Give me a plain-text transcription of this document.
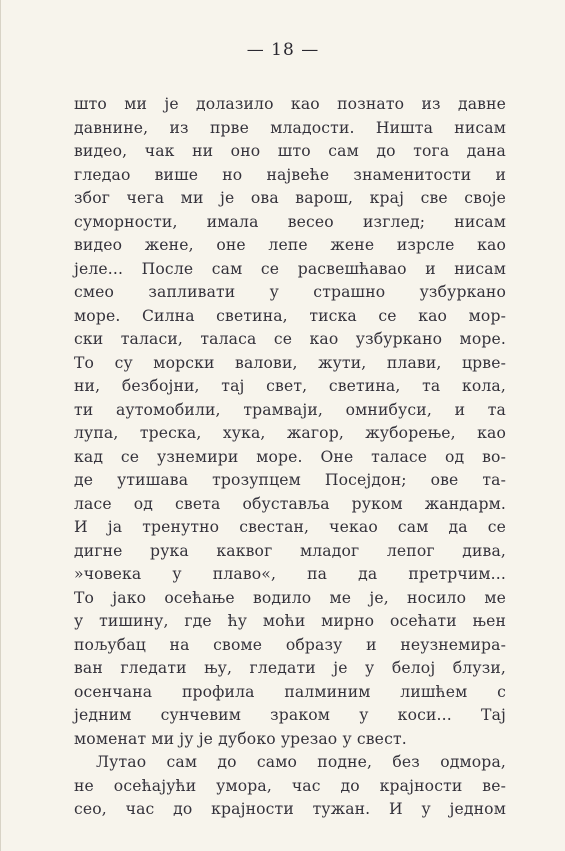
— 18 —
што ми је долазило као познато из давне
давнине, из прве младости. Ништа нисам
видео, чак ни оно што сам до тога дана
гледао више но највеће знаменитости и
због чега ми је ова варош, крај све своје
суморности, имала весео изглед; нисам
видео жене, оне лепе жене изрсле као
јеле... После сам се расвешћавао и нисам
смео запливати у страшно узбуркано
море. Силна светина, тиска се као мор-
ски таласи, таласа се као узбуркано море.
То су морски валови, жути, плави, црве-
ни, безбојни, тај свет, светина, та кола,
ти аутомобили, трамваји, омнибуси, и та
лупа, треска, хука, жагор, жуборење, као
кад се узнемири море. Оне таласе од во-
де утишава трозупцем Посејдон; ове та-
ласе од света обуставља руком жандарм.
И ја тренутно свестан, чекао сам да се
дигне рука каквог младог лепог дива,
»човека у плаво«, па да претрчим...
То јако осећање водило ме је, носило ме
у тишину, где ћу моћи мирно осећати њен
пољубац на своме образу и неузнемира-
ван гледати њу, гледати је у белој блузи,
осенчана профила палминим лишћем с
једним сунчевим зраком у коси... Тај
моменат ми ју је дубоко урезао у свест.
Лутао сам до само подне, без одмора,
не осећајући умора, час до крајности ве-
сео, час до крајности тужан. И у једном
